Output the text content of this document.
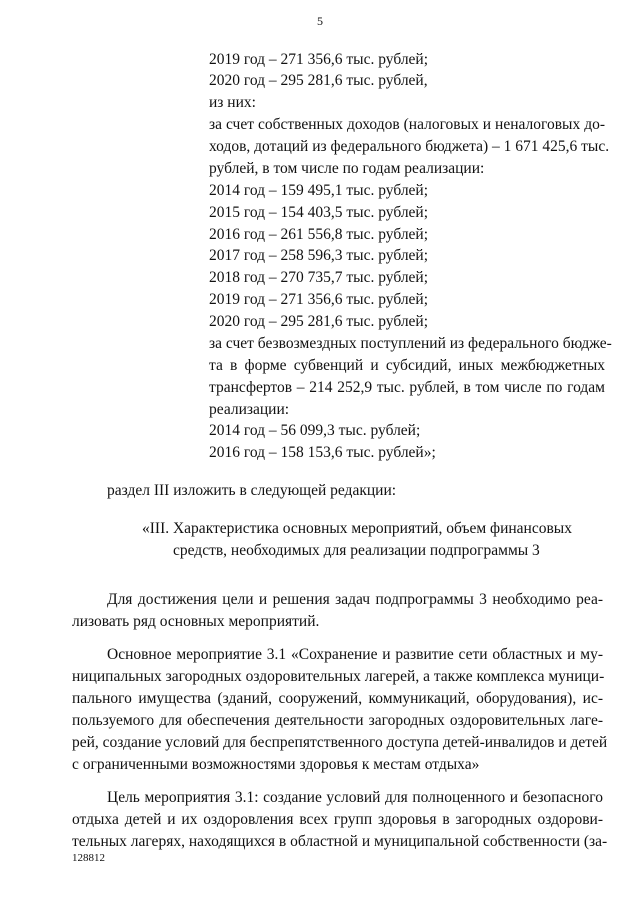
5
2019 год – 271 356,6 тыс. рублей;
2020 год – 295 281,6 тыс. рублей,
из них:
за счет собственных доходов (налоговых и неналоговых до-
ходов, дотаций из федерального бюджета) – 1 671 425,6 тыс.
рублей, в том числе по годам реализации:
2014 год – 159 495,1 тыс. рублей;
2015 год – 154 403,5 тыс. рублей;
2016 год – 261 556,8 тыс. рублей;
2017 год – 258 596,3 тыс. рублей;
2018 год – 270 735,7 тыс. рублей;
2019 год – 271 356,6 тыс. рублей;
2020 год – 295 281,6 тыс. рублей;
за счет безвозмездных поступлений из федерального бюдже-
та в форме субвенций и субсидий, иных межбюджетных
трансфертов – 214 252,9 тыс. рублей, в том числе по годам
реализации:
2014 год – 56 099,3 тыс. рублей;
2016 год – 158 153,6 тыс. рублей»;
раздел III изложить в следующей редакции:
«III. Характеристика основных мероприятий, объем финансовых
средств, необходимых для реализации подпрограммы 3
Для достижения цели и решения задач подпрограммы 3 необходимо реа-
лизовать ряд основных мероприятий.
Основное мероприятие 3.1 «Сохранение и развитие сети областных и му-
ниципальных загородных оздоровительных лагерей, а также комплекса муници-
пального имущества (зданий, сооружений, коммуникаций, оборудования), ис-
пользуемого для обеспечения деятельности загородных оздоровительных лаге-
рей, создание условий для беспрепятственного доступа детей-инвалидов и детей
с ограниченными возможностями здоровья к местам отдыха»
Цель мероприятия 3.1: создание условий для полноценного и безопасного
отдыха детей и их оздоровления всех групп здоровья в загородных оздорови-
тельных лагерях, находящихся в областной и муниципальной собственности (за-
128812
